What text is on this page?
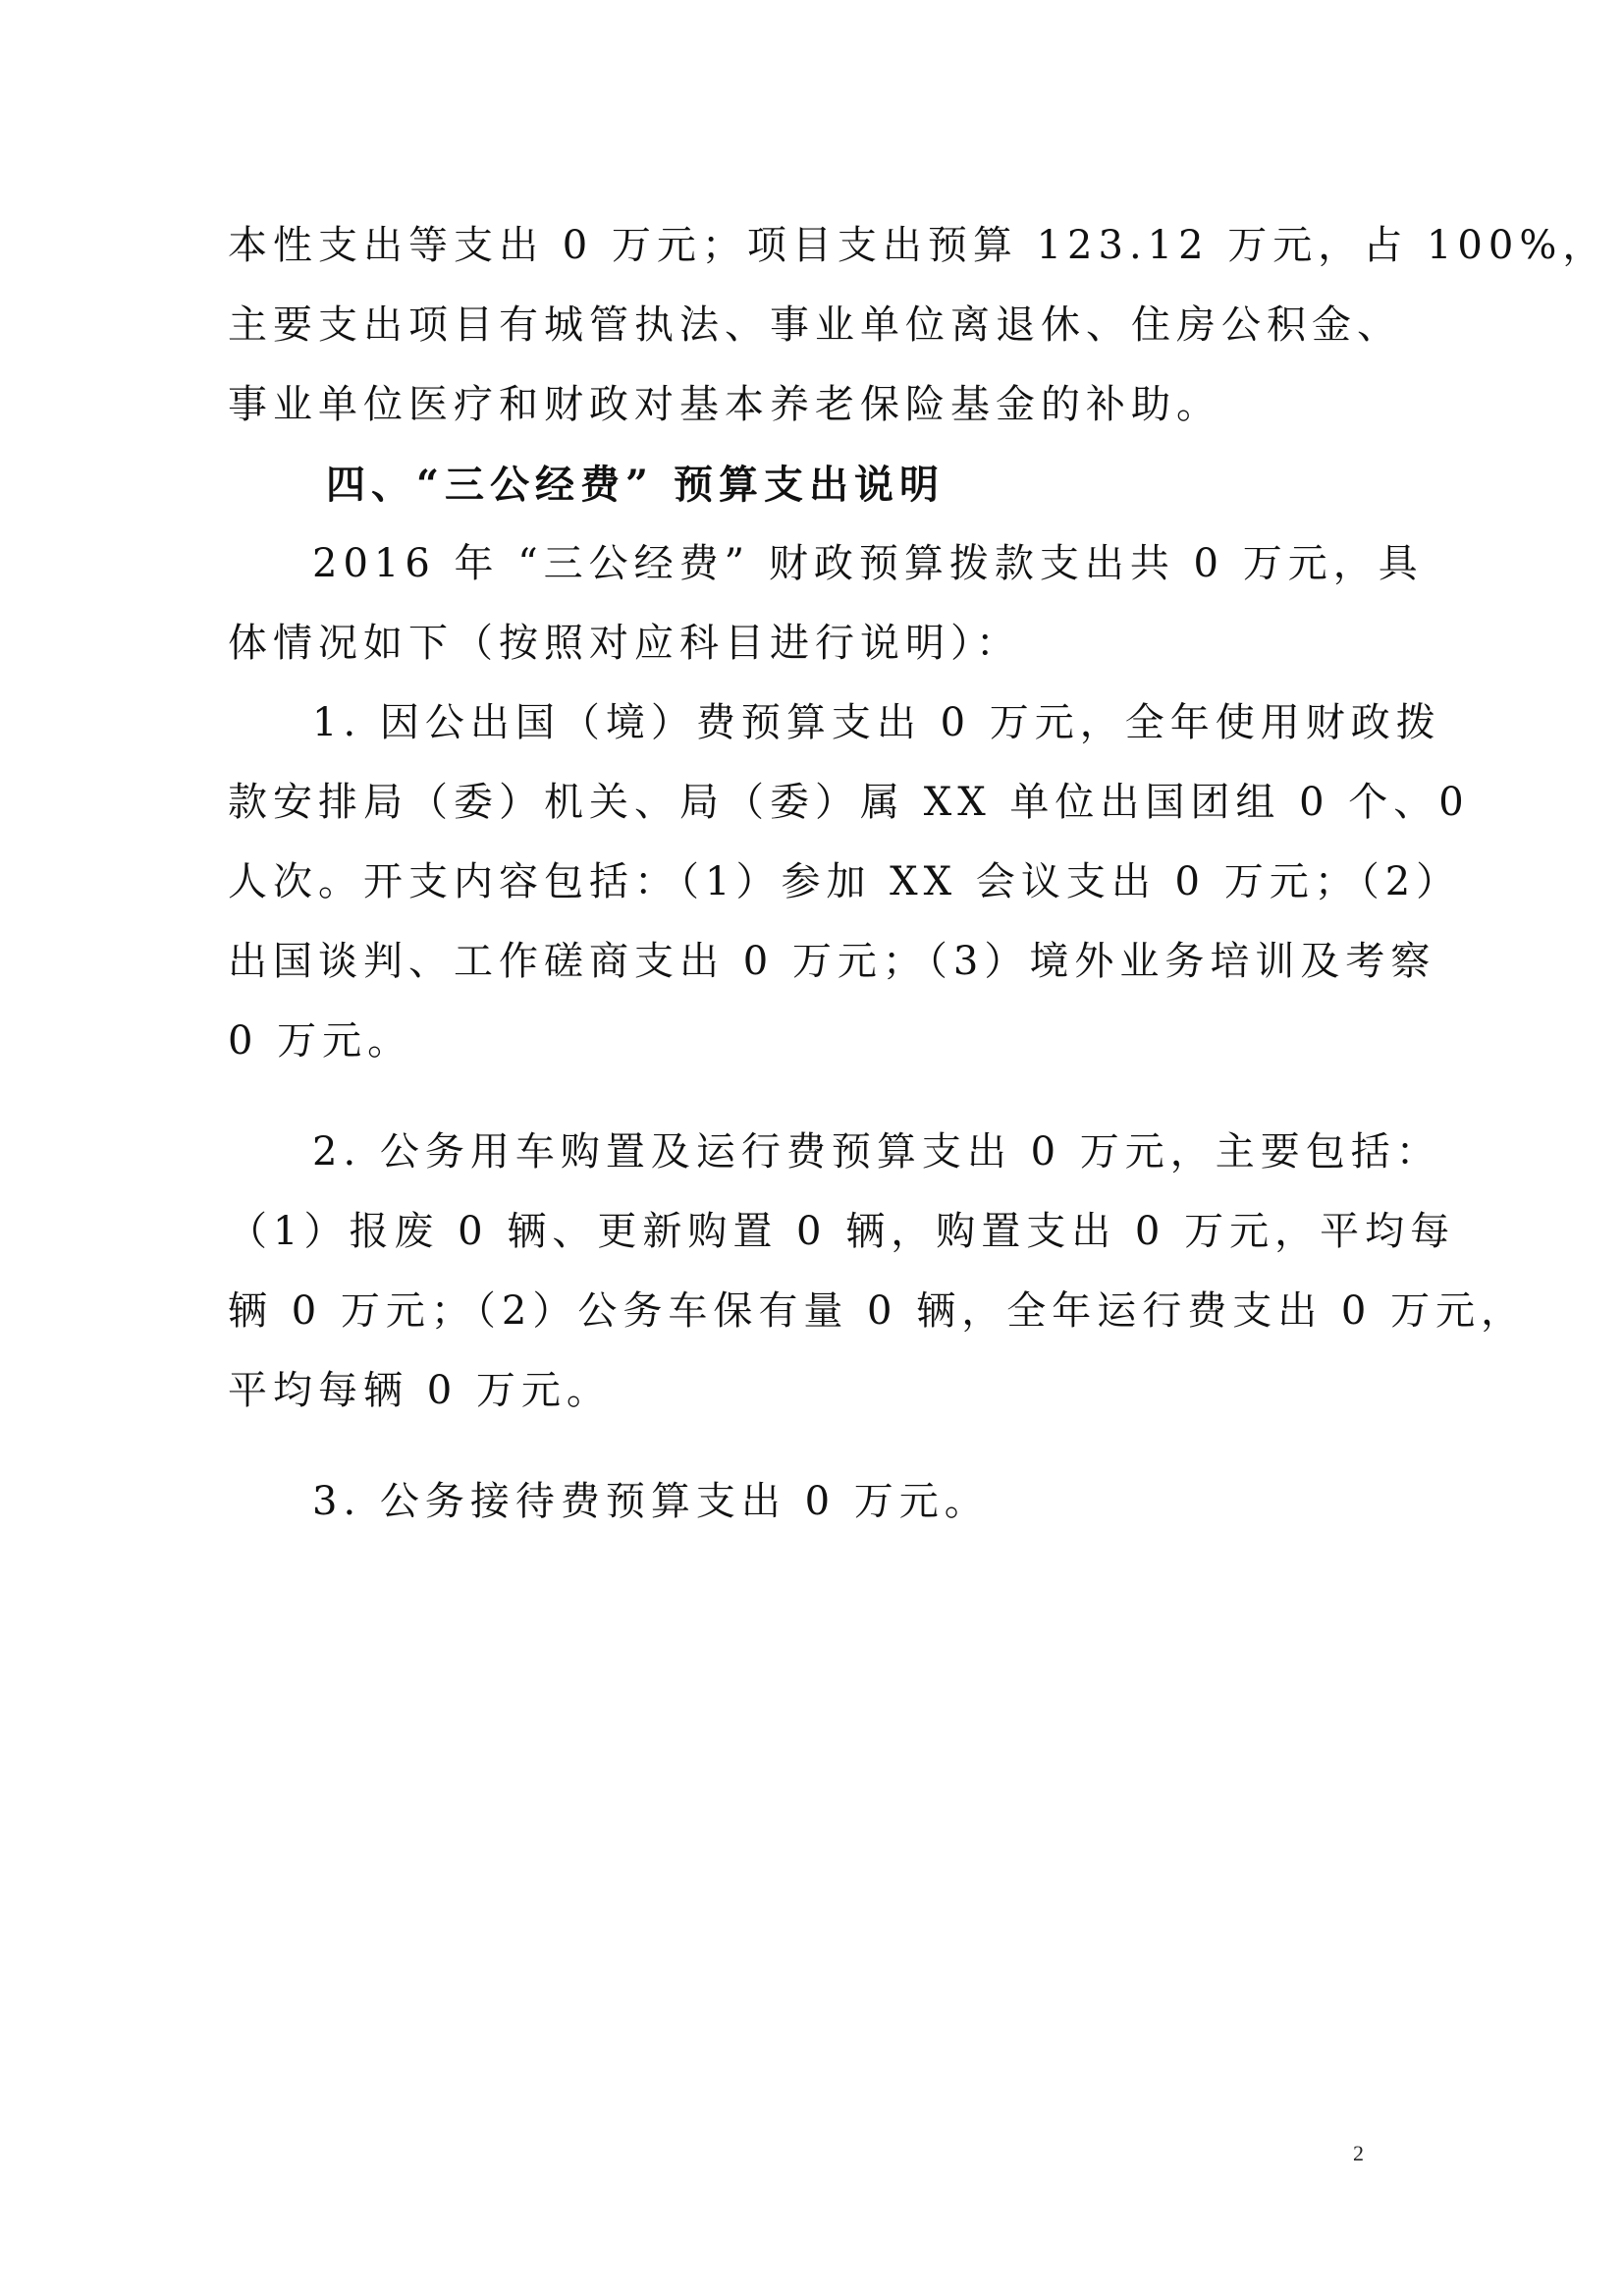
本性支出等支出 0 万元；项目支出预算 123.12 万元，占 100%，
主要支出项目有城管执法、事业单位离退休、住房公积金、
事业单位医疗和财政对基本养老保险基金的补助。
四、“三公经费” 预算支出说明
2016 年 “三公经费” 财政预算拨款支出共 0 万元，具
体情况如下（按照对应科目进行说明）：
1. 因公出国（境）费预算支出 0 万元，全年使用财政拨
款安排局（委）机关、局（委）属 XX 单位出国团组 0 个、0
人次。开支内容包括：（1）参加 XX 会议支出 0 万元；（2）
出国谈判、工作磋商支出 0 万元；（3）境外业务培训及考察
0 万元。
2. 公务用车购置及运行费预算支出 0 万元，主要包括：
（1）报废 0 辆、更新购置 0 辆，购置支出 0 万元，平均每
辆 0 万元；（2）公务车保有量 0 辆，全年运行费支出 0 万元，
平均每辆 0 万元。
3. 公务接待费预算支出 0 万元。
2
